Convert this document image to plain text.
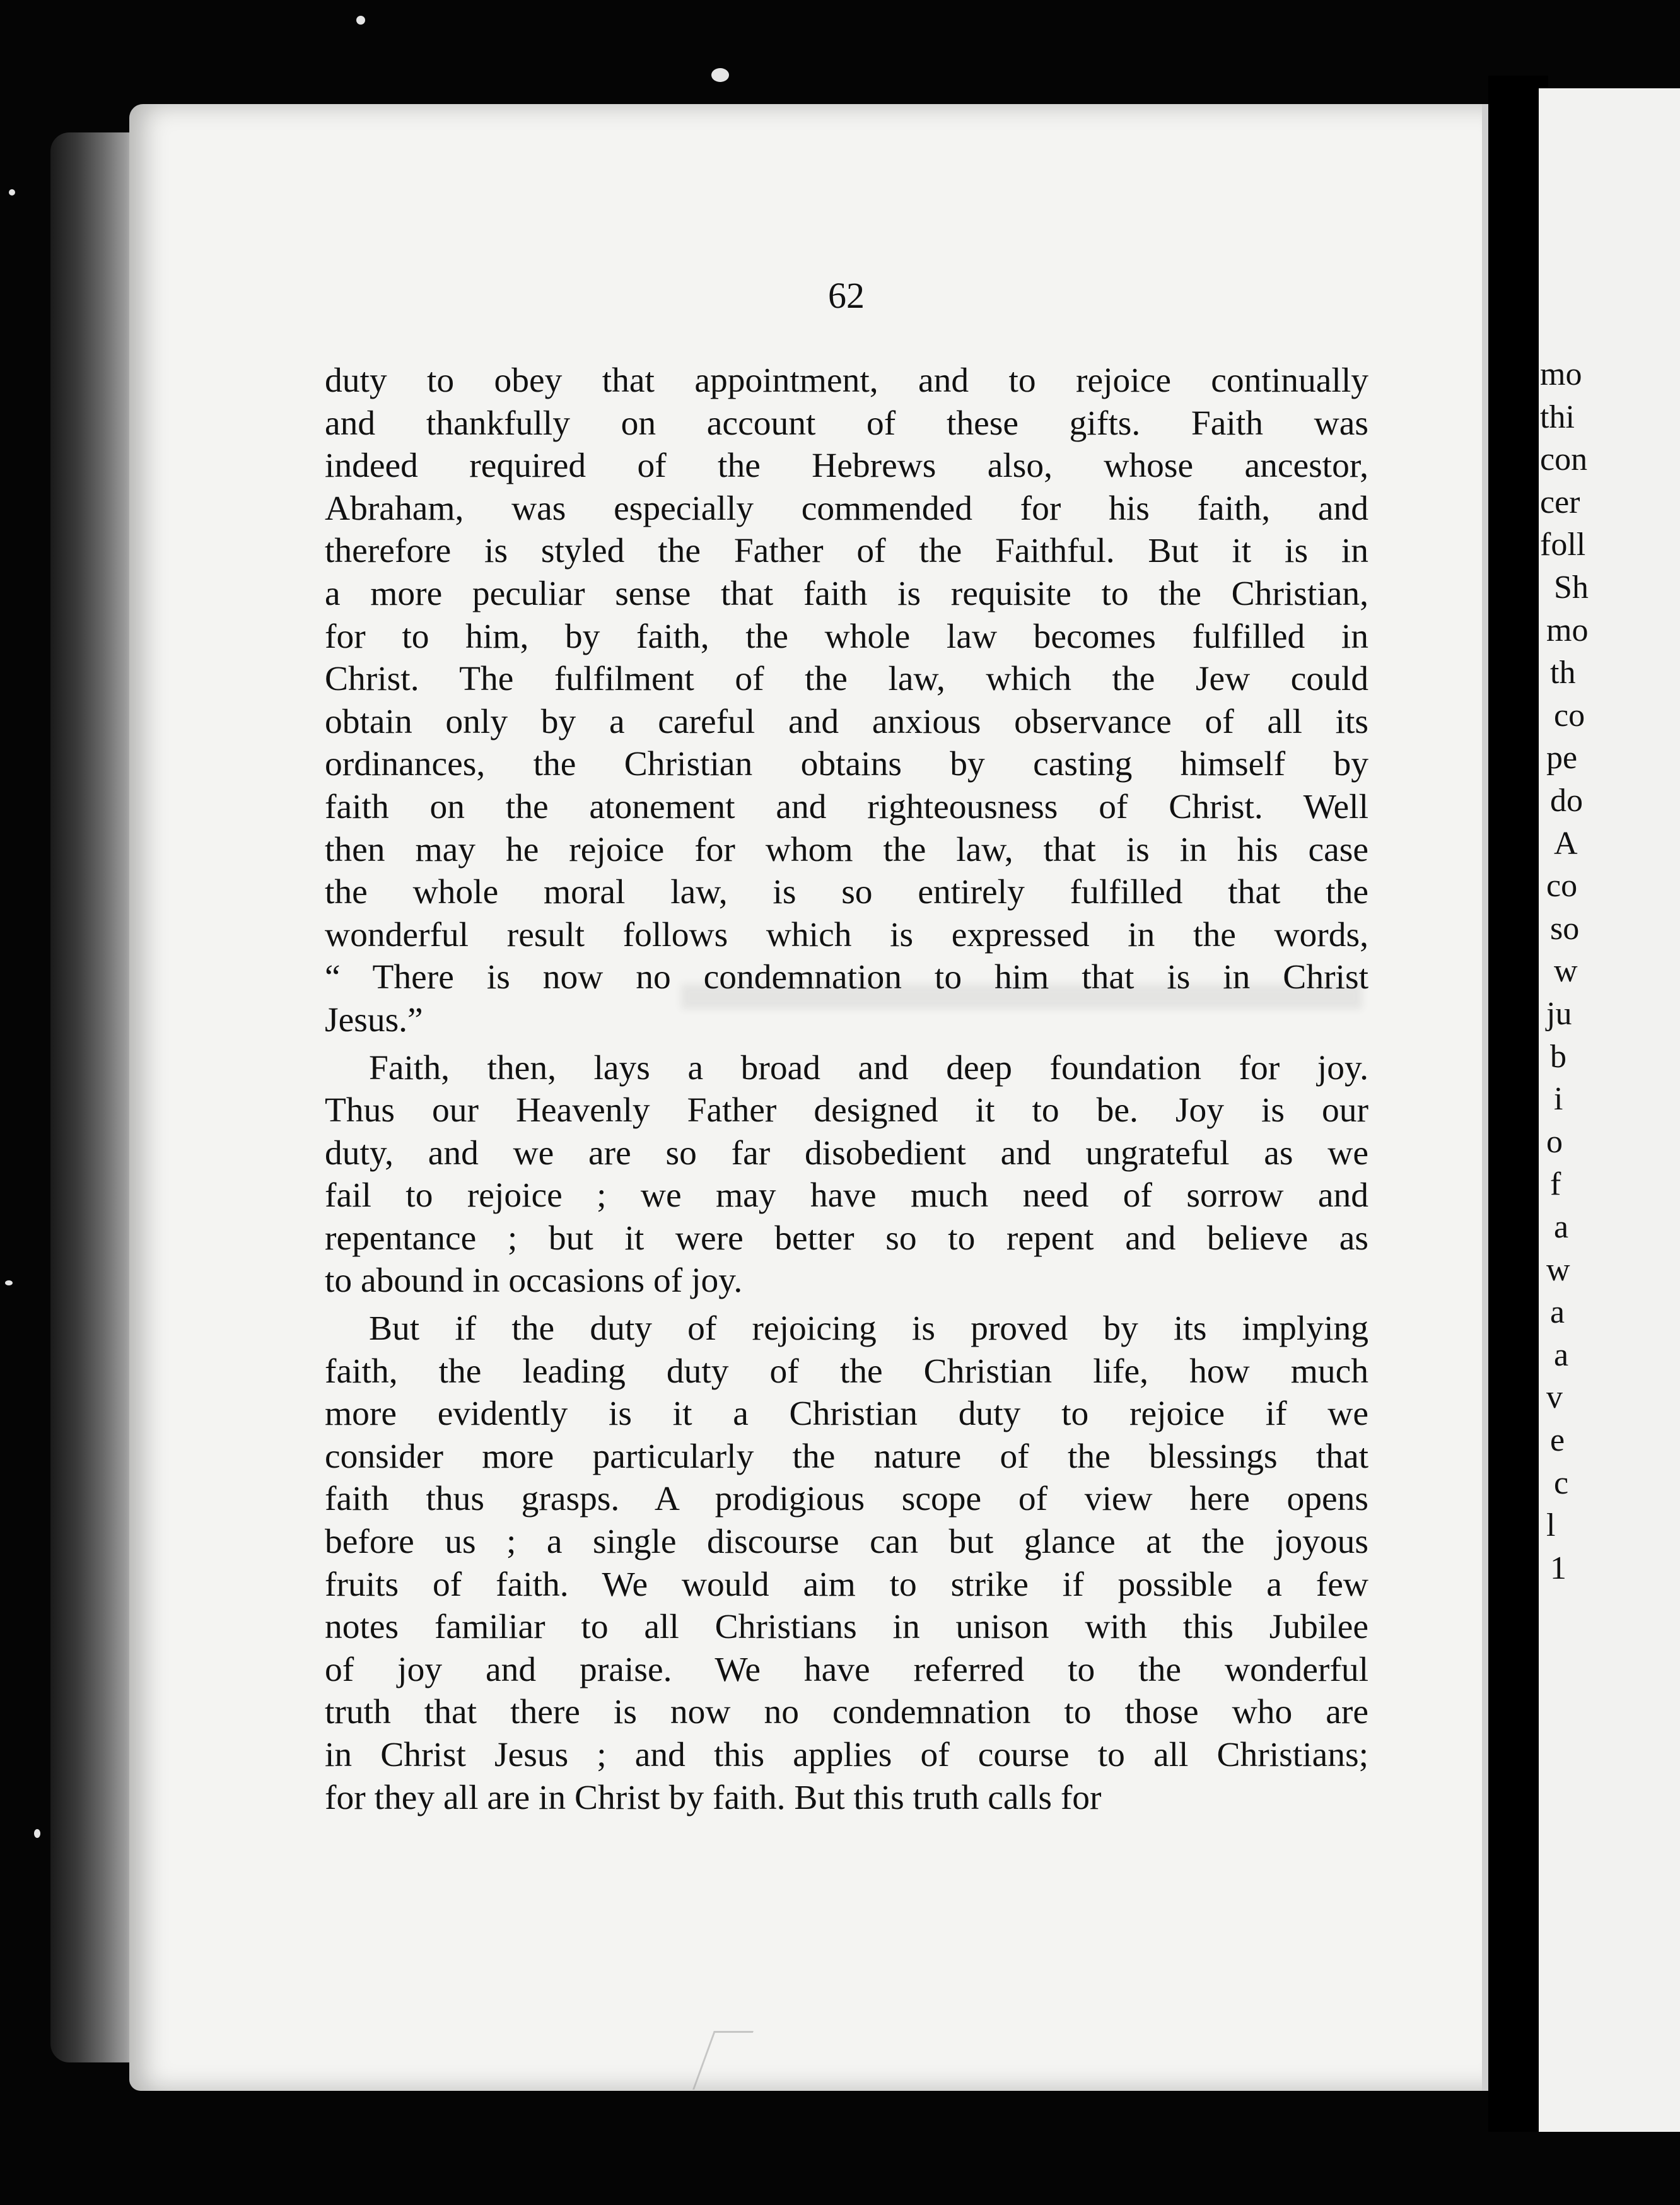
mo
thi
con
cer
foll
Sh
mo
th
co
pe
do
A
co
so
w
ju
b
i
o
f
a
w
a
a
v
e
c
l
1
62
duty to obey that appointment, and to rejoice continually
and thankfully on account of these gifts. Faith was
indeed required of the Hebrews also, whose ancestor,
Abraham, was especially commended for his faith, and
therefore is styled the Father of the Faithful. But it is in
a more peculiar sense that faith is requisite to the Christian,
for to him, by faith, the whole law becomes fulfilled in
Christ. The fulfilment of the law, which the Jew could
obtain only by a careful and anxious observance of all its
ordinances, the Christian obtains by casting himself by
faith on the atonement and righteousness of Christ. Well
then may he rejoice for whom the law, that is in his case
the whole moral law, is so entirely fulfilled that the
wonderful result follows which is expressed in the words,
“ There is now no condemnation to him that is in Christ
Jesus.”
Faith, then, lays a broad and deep foundation for joy.
Thus our Heavenly Father designed it to be. Joy is our
duty, and we are so far disobedient and ungrateful as we
fail to rejoice ; we may have much need of sorrow and
repentance ; but it were better so to repent and believe as
to abound in occasions of joy.
But if the duty of rejoicing is proved by its implying
faith, the leading duty of the Christian life, how much
more evidently is it a Christian duty to rejoice if we
consider more particularly the nature of the blessings that
faith thus grasps. A prodigious scope of view here opens
before us ; a single discourse can but glance at the joyous
fruits of faith. We would aim to strike if possible a few
notes familiar to all Christians in unison with this Jubilee
of joy and praise. We have referred to the wonderful
truth that there is now no condemnation to those who are
in Christ Jesus ; and this applies of course to all Christians;
for they all are in Christ by faith. But this truth calls for
